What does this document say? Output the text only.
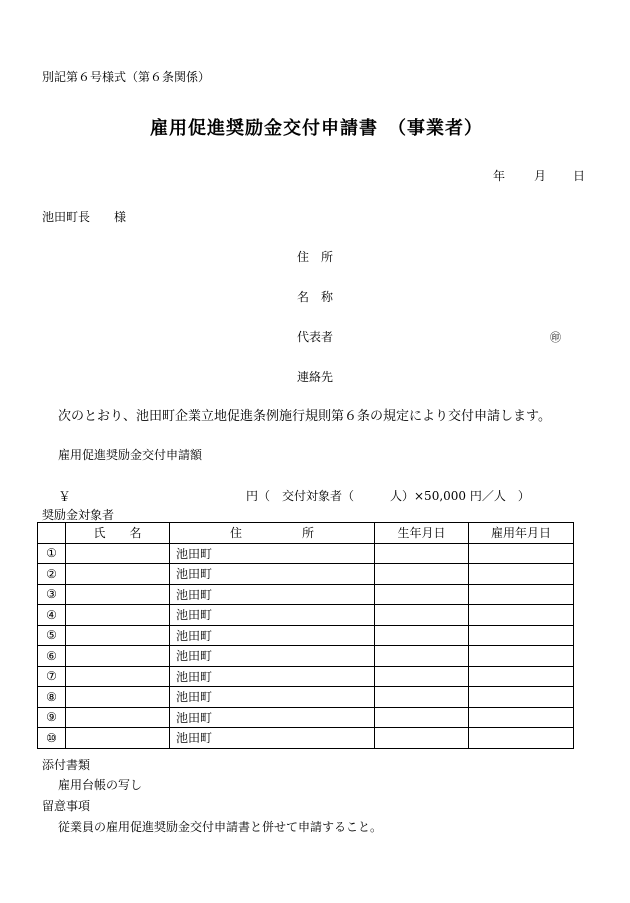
別記第６号様式（第６条関係）
雇用促進奨励金交付申請書　（事業者）
年 月 日
池田町長　　様
住　所
名　称
代表者	㊞
連絡先
次のとおり、池田町企業立地促進条例施行規則第６条の規定により交付申請します。
雇用促進奨励金交付申請額
￥	円（　交付対象者（　　　人）×50,000 円／人　）
奨励金対象者
	氏　　名	住　　　　　所	生年月日	雇用年月日
①		池田町		
②		池田町		
③		池田町		
④		池田町		
⑤		池田町		
⑥		池田町		
⑦		池田町		
⑧		池田町		
⑨		池田町		
⑩		池田町		
添付書類
雇用台帳の写し
留意事項
従業員の雇用促進奨励金交付申請書と併せて申請すること。
